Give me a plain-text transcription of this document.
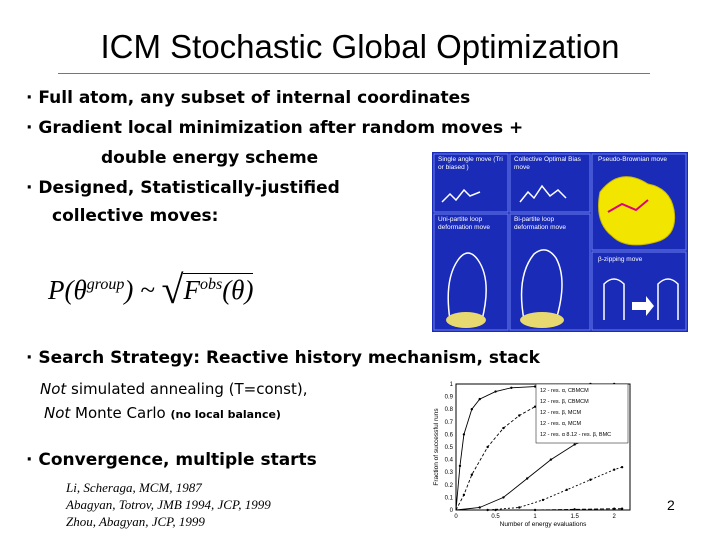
ICM Stochastic Global Optimization
· Full atom, any subset of internal coordinates
· Gradient local minimization after random moves +
double energy scheme
· Designed, Statistically-justified
collective moves:
$P(\theta^{group})$ ~ $√F^{obs}(\theta)$
Single angle move (Tri or biased )
Collective Optimal Bias move
Pseudo-Brownian move
Uni-partite loop deformation move
Bi-partite loop deformation move
β-zipping move
· Search Strategy: Reactive history mechanism, stack
Not simulated annealing (T=const),
Not Monte Carlo (no local balance)
· Convergence, multiple starts
Li, Scheraga, MCM, 1987
Abagyan, Totrov, JMB 1994, JCP, 1999
Zhou, Abagyan, JCP, 1999
0
0.1
0.2
0.3
0.4
0.5
0.6
0.7
0.8
0.9
1
0	0.5	1	1.5	2
Number of energy evaluations
Fraction of successful runs
12 - res. α, CBMCM
12 - res. β, CBMCM
12 - res. β, MCM
12 - res. α, MCM
12 - res. α 8.12 - res. β, BMC
2
